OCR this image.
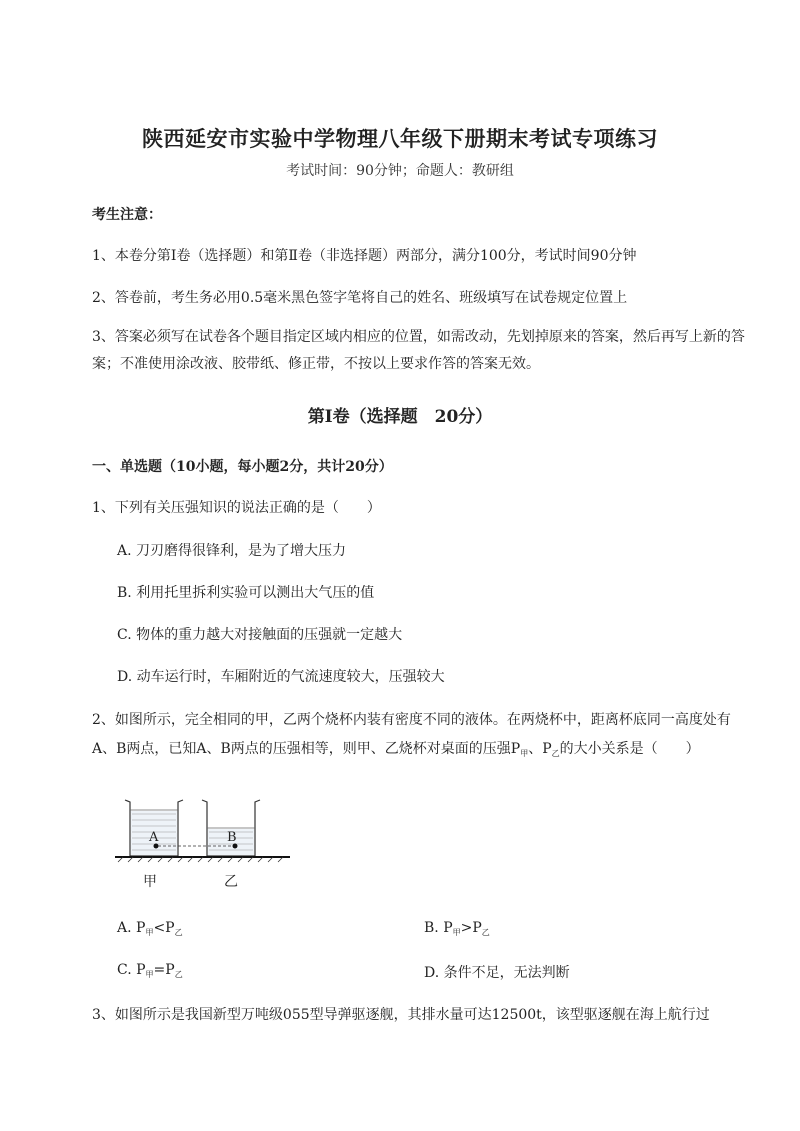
陕西延安市实验中学物理八年级下册期末考试专项练习
考试时间：90分钟；命题人：教研组
考生注意：
1、本卷分第Ⅰ卷（选择题）和第Ⅱ卷（非选择题）两部分，满分100分，考试时间90分钟
2、答卷前，考生务必用0.5毫米黑色签字笔将自己的姓名、班级填写在试卷规定位置上
3、答案必须写在试卷各个题目指定区域内相应的位置，如需改动，先划掉原来的答案，然后再写上新的答案；不准使用涂改液、胶带纸、修正带，不按以上要求作答的答案无效。
第Ⅰ卷（选择题　20分）
一、单选题（10小题，每小题2分，共计20分）
1、下列有关压强知识的说法正确的是（　　）
A. 刀刃磨得很锋利，是为了增大压力
B. 利用托里拆利实验可以测出大气压的值
C. 物体的重力越大对接触面的压强就一定越大
D. 动车运行时，车厢附近的气流速度较大，压强较大
2、如图所示，完全相同的甲，乙两个烧杯内装有密度不同的液体。在两烧杯中，距离杯底同一高度处有A、B两点，已知A、B两点的压强相等，则甲、乙烧杯对桌面的压强$P_甲$、$P_乙$的大小关系是（　　）
A	B
甲	乙
A. $P_甲<P_乙$	B. $P_甲>P_乙$
C. $P_甲=P_乙$	D. 条件不足，无法判断
3、如图所示是我国新型万吨级055型导弹驱逐舰，其排水量可达12500t，该型驱逐舰在海上航行过
